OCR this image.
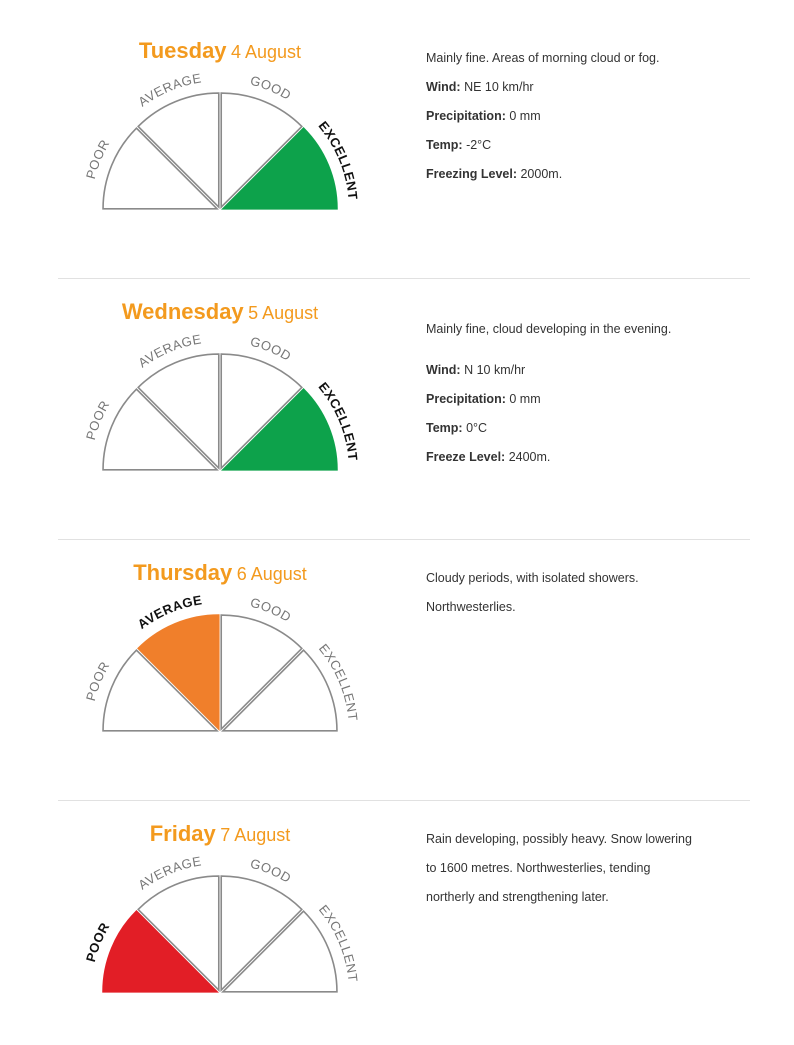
Tuesday 4 August
POOR
AVERAGE	GOOD
EXCELLENT
Mainly fine. Areas of morning cloud or fog.
Wind: NE 10 km/hr
Precipitation: 0 mm
Temp: -2°C
Freezing Level: 2000m.
Wednesday 5 August
POOR
AVERAGE	GOOD
EXCELLENT
Mainly fine, cloud developing in the evening.
Wind: N 10 km/hr
Precipitation: 0 mm
Temp: 0°C
Freeze Level: 2400m.
Thursday 6 August
POOR
AVERAGE	GOOD
EXCELLENT
Cloudy periods, with isolated showers.
Northwesterlies.
Friday 7 August
POOR
AVERAGE	GOOD
EXCELLENT
Rain developing, possibly heavy. Snow lowering
to 1600 metres. Northwesterlies, tending
northerly and strengthening later.
